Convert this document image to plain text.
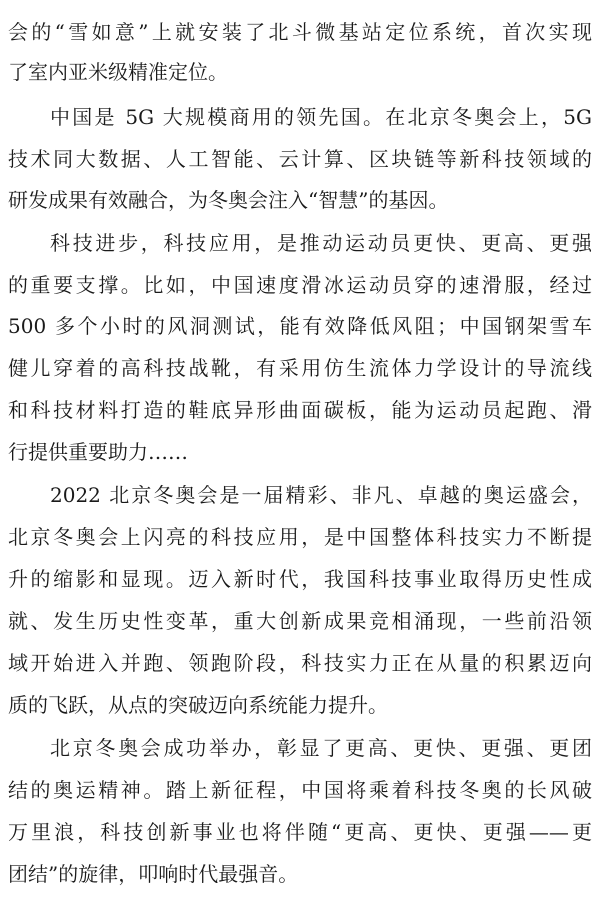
会的“雪如意”上就安装了北斗微基站定位系统，首次实现
了室内亚米级精准定位。
中国是 5G 大规模商用的领先国。在北京冬奥会上，5G
技术同大数据、人工智能、云计算、区块链等新科技领域的
研发成果有效融合，为冬奥会注入“智慧”的基因。
科技进步，科技应用，是推动运动员更快、更高、更强
的重要支撑。比如，中国速度滑冰运动员穿的速滑服，经过
500 多个小时的风洞测试，能有效降低风阻；中国钢架雪车
健儿穿着的高科技战靴，有采用仿生流体力学设计的导流线
和科技材料打造的鞋底异形曲面碳板，能为运动员起跑、滑
行提供重要助力……
2022 北京冬奥会是一届精彩、非凡、卓越的奥运盛会，
北京冬奥会上闪亮的科技应用，是中国整体科技实力不断提
升的缩影和显现。迈入新时代，我国科技事业取得历史性成
就、发生历史性变革，重大创新成果竞相涌现，一些前沿领
域开始进入并跑、领跑阶段，科技实力正在从量的积累迈向
质的飞跃，从点的突破迈向系统能力提升。
北京冬奥会成功举办，彰显了更高、更快、更强、更团
结的奥运精神。踏上新征程，中国将乘着科技冬奥的长风破
万里浪，科技创新事业也将伴随“更高、更快、更强——更
团结”的旋律，叩响时代最强音。
